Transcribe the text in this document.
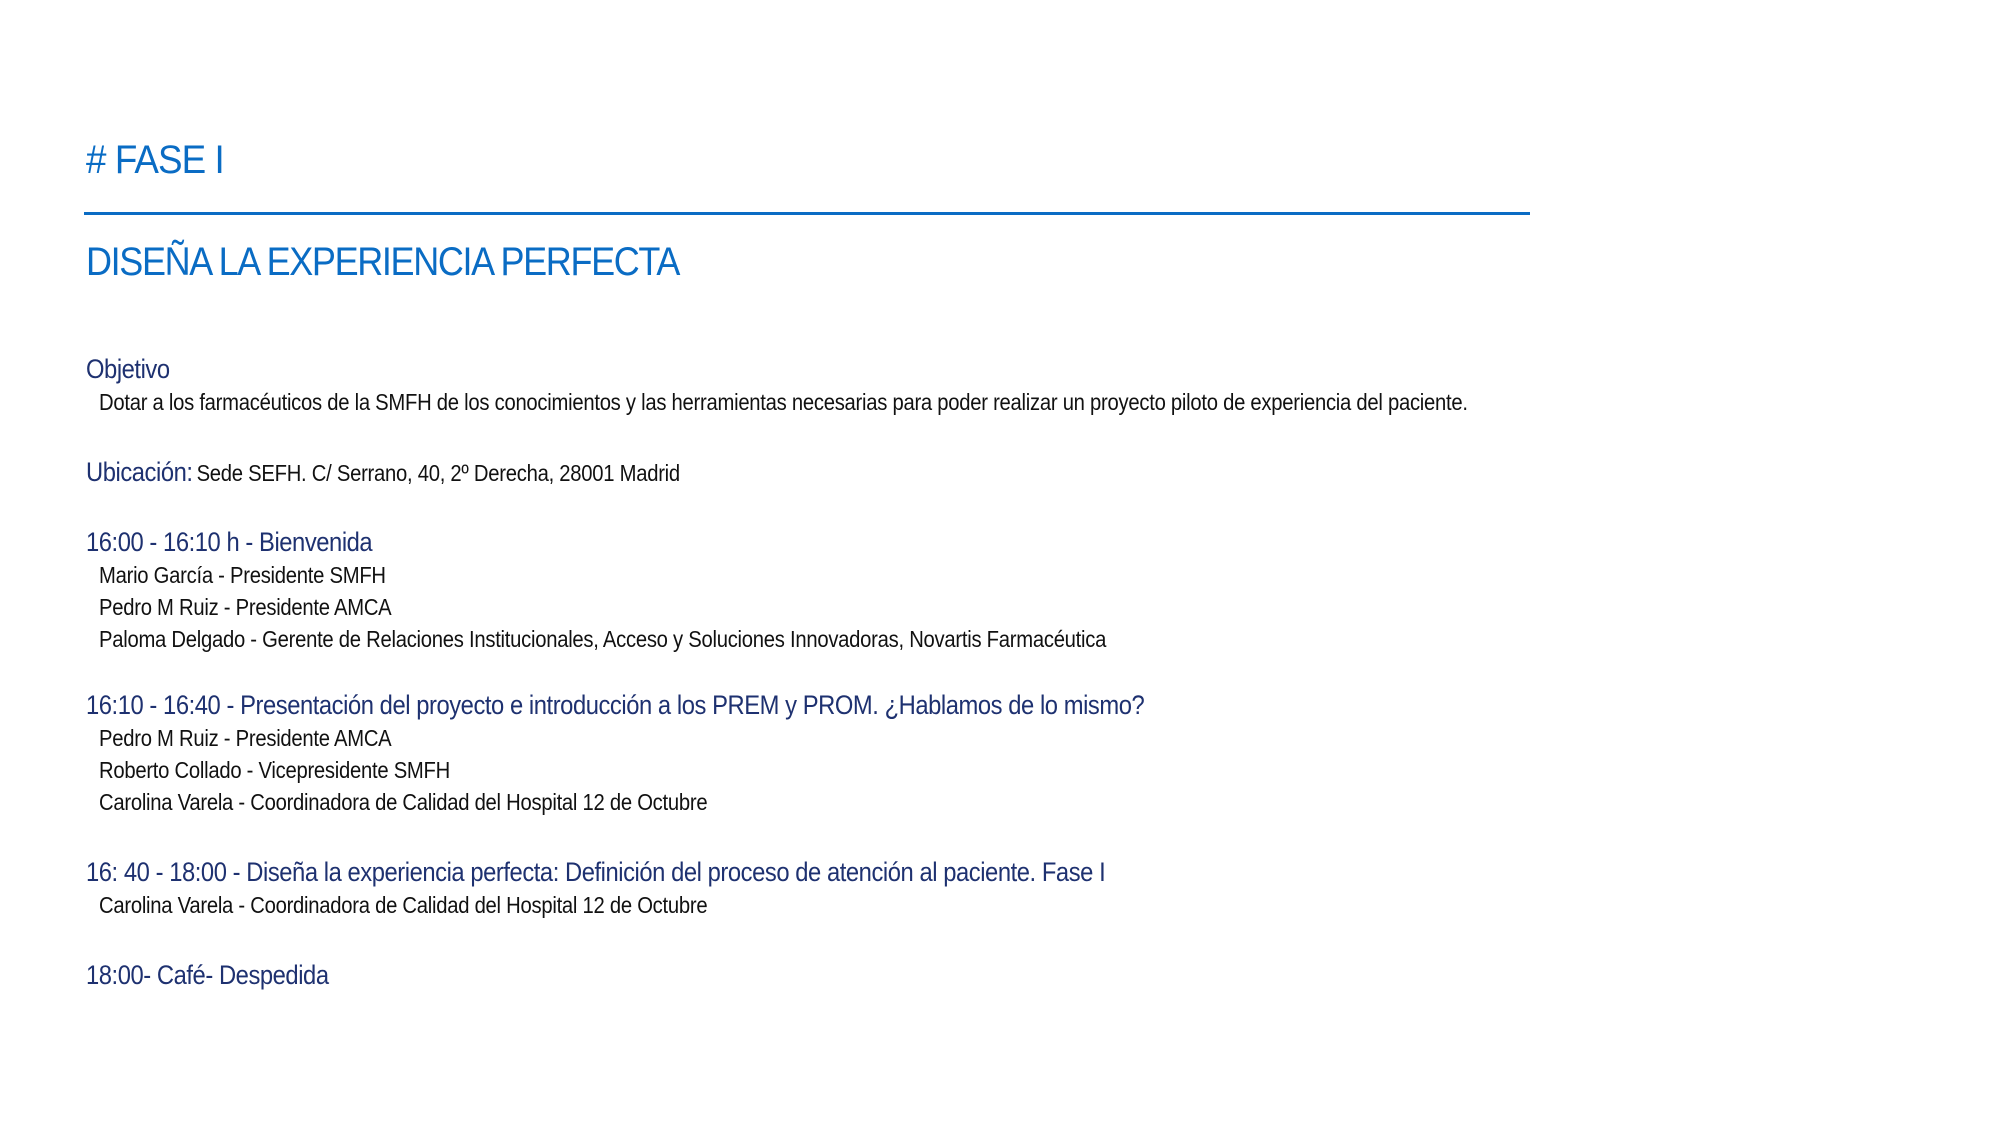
# FASE I
DISEÑA LA EXPERIENCIA PERFECTA
Objetivo
Dotar a los farmacéuticos de la SMFH de los conocimientos y las herramientas necesarias para poder realizar un proyecto piloto de experiencia del paciente.
Ubicación: Sede SEFH. C/ Serrano, 40, 2º Derecha, 28001 Madrid
16:00 - 16:10 h - Bienvenida
Mario García - Presidente SMFH
Pedro M Ruiz - Presidente AMCA
Paloma Delgado - Gerente de Relaciones Institucionales, Acceso y Soluciones Innovadoras, Novartis Farmacéutica
16:10 - 16:40 - Presentación del proyecto e introducción a los PREM y PROM. ¿Hablamos de lo mismo?
Pedro M Ruiz - Presidente AMCA
Roberto Collado - Vicepresidente SMFH
Carolina Varela - Coordinadora de Calidad del Hospital 12 de Octubre
16: 40 - 18:00 - Diseña la experiencia perfecta: Definición del proceso de atención al paciente. Fase I
Carolina Varela - Coordinadora de Calidad del Hospital 12 de Octubre
18:00- Café- Despedida
